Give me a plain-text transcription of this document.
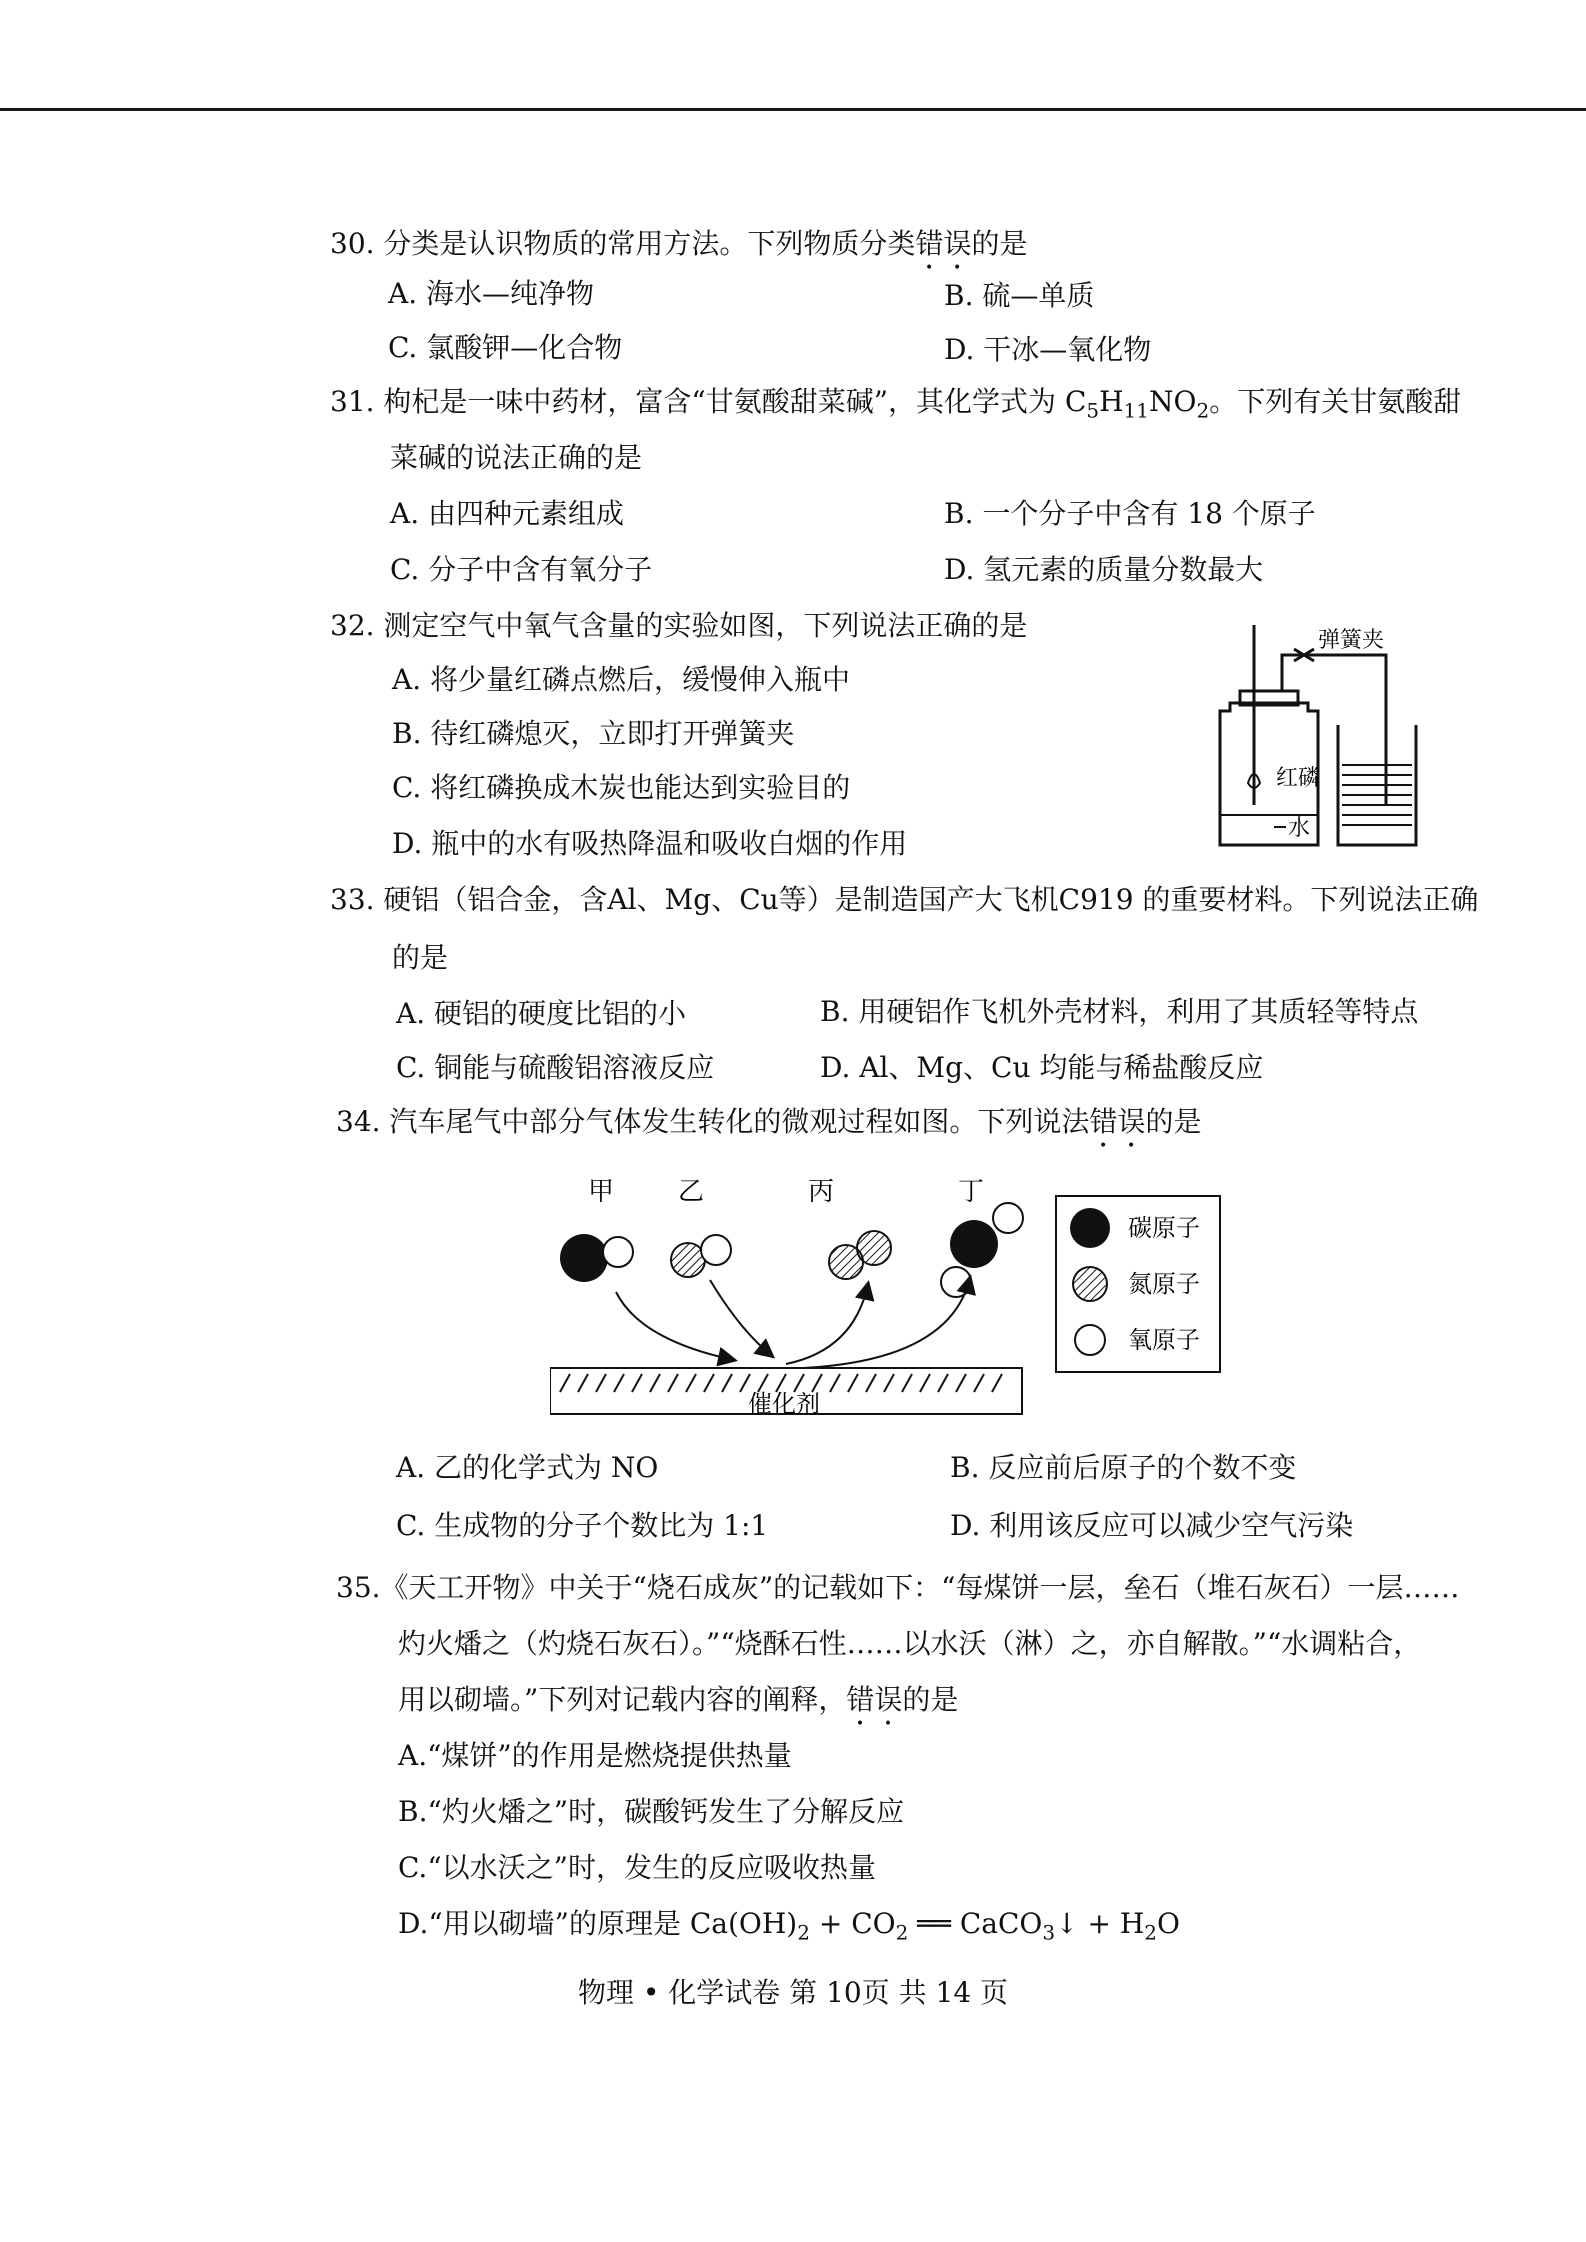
30. 分类是认识物质的常用方法。下列物质分类错误的是
A. 海水—纯净物	B. 硫—单质
C. 氯酸钾—化合物	D. 干冰—氧化物
31. 枸杞是一味中药材，富含“甘氨酸甜菜碱”，其化学式为 $C_5H_{11}NO_2$。下列有关甘氨酸甜
菜碱的说法正确的是
A. 由四种元素组成	B. 一个分子中含有 18 个原子
C. 分子中含有氧分子	D. 氢元素的质量分数最大
32. 测定空气中氧气含量的实验如图，下列说法正确的是
A. 将少量红磷点燃后，缓慢伸入瓶中
B. 待红磷熄灭，立即打开弹簧夹
C. 将红磷换成木炭也能达到实验目的
D. 瓶中的水有吸热降温和吸收白烟的作用
弹簧夹
红磷
水
33. 硬铝（铝合金，含Al、Mg、Cu等）是制造国产大飞机C919 的重要材料。下列说法正确
的是
A. 硬铝的硬度比铝的小	B. 用硬铝作飞机外壳材料，利用了其质轻等特点
C. 铜能与硫酸铝溶液反应	D. Al、Mg、Cu 均能与稀盐酸反应
34. 汽车尾气中部分气体发生转化的微观过程如图。下列说法错误的是
甲 乙	丙	丁
催化剂
碳原子
氮原子
氧原子
A. 乙的化学式为 NO	B. 反应前后原子的个数不变
C. 生成物的分子个数比为 1:1	D. 利用该反应可以减少空气污染
35.《天工开物》中关于“烧石成灰”的记载如下：“每煤饼一层，垒石（堆石灰石）一层……
灼火燔之（灼烧石灰石）。”“烧酥石性……以水沃（淋）之，亦自解散。”“水调粘合，
用以砌墙。”下列对记载内容的阐释，错误的是
A.“煤饼”的作用是燃烧提供热量
B.“灼火燔之”时，碳酸钙发生了分解反应
C.“以水沃之”时，发生的反应吸收热量
D.“用以砌墙”的原理是 $Ca(OH)_2 + CO_2$ ══ CaCO$_3$↓ + $H_2O$
物理 • 化学试卷 第 10页 共 14 页
